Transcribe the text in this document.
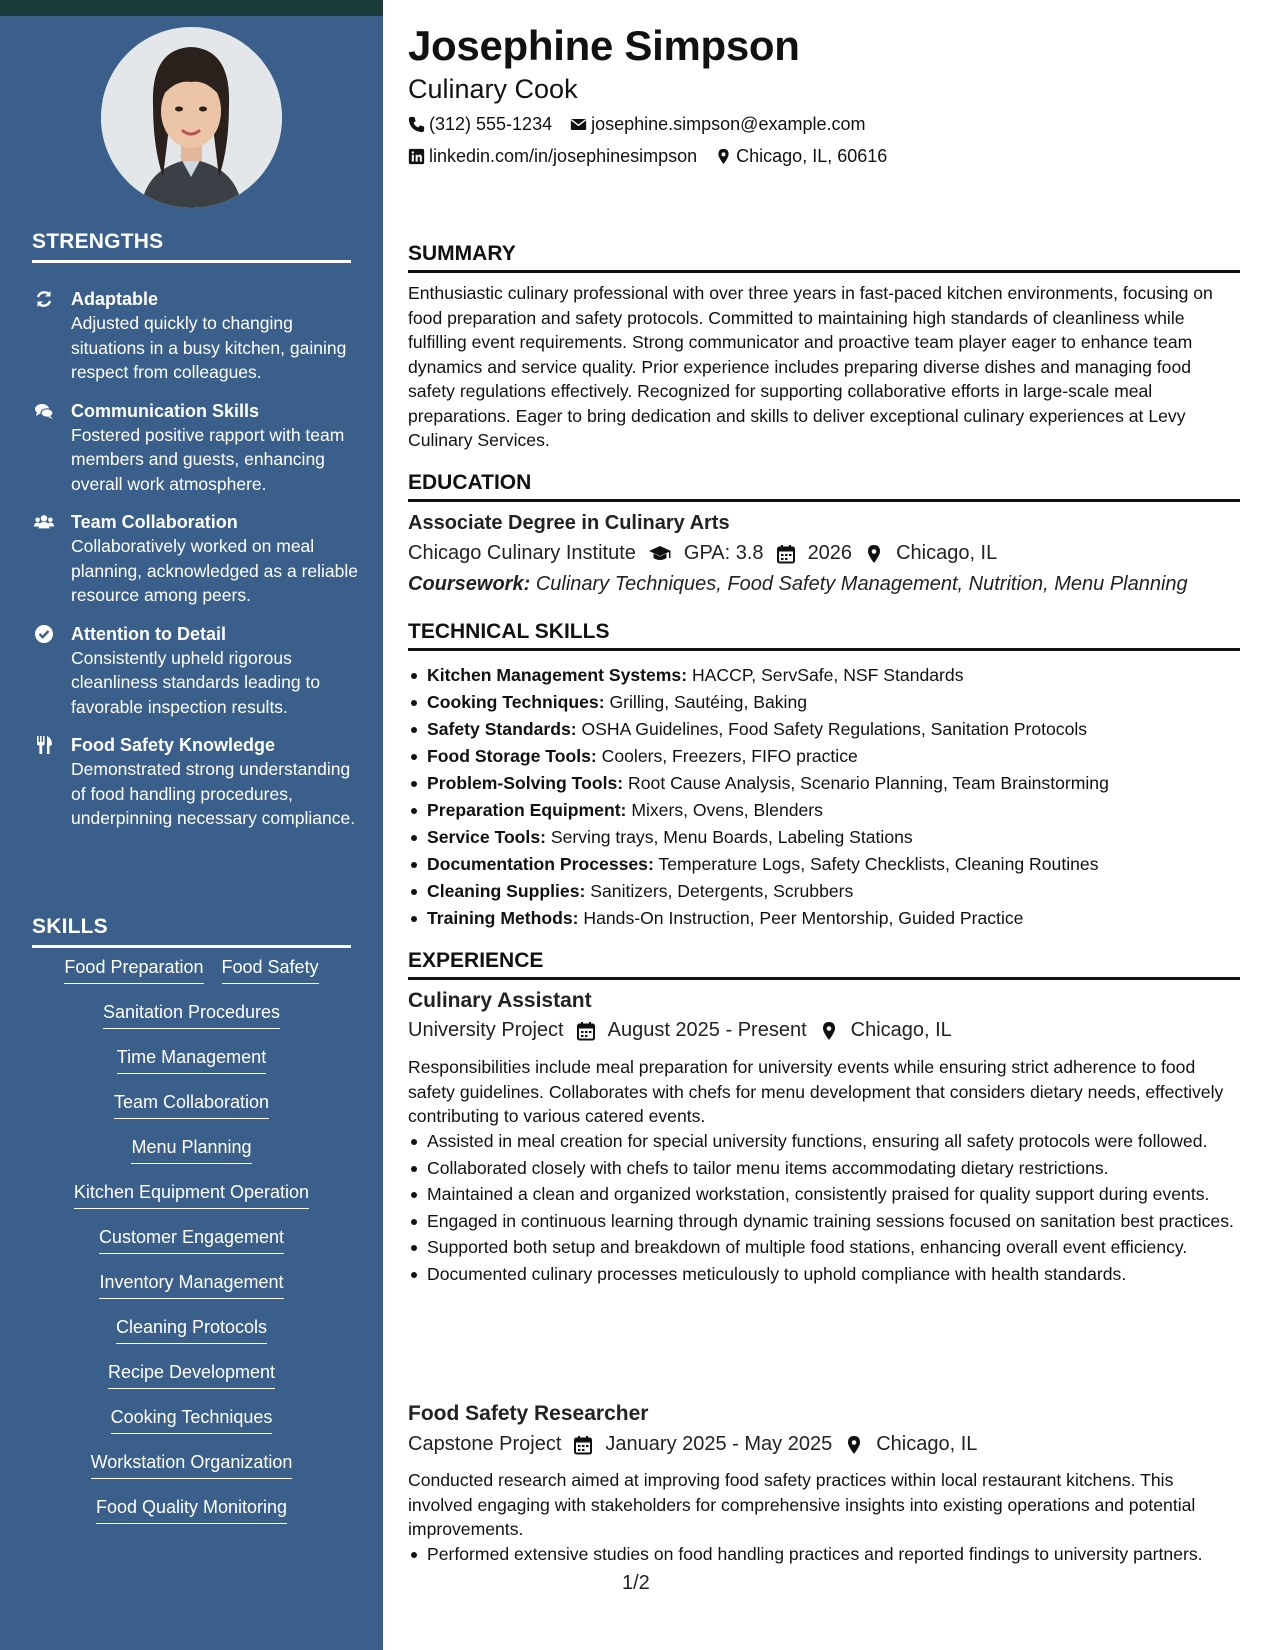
STRENGTHS
Adaptable
Adjusted quickly to changing situations in a busy kitchen, gaining respect from colleagues.
Communication Skills
Fostered positive rapport with team members and guests, enhancing overall work atmosphere.
Team Collaboration
Collaboratively worked on meal planning, acknowledged as a reliable resource among peers.
Attention to Detail
Consistently upheld rigorous cleanliness standards leading to favorable inspection results.
Food Safety Knowledge
Demonstrated strong understanding of food handling procedures, underpinning necessary compliance.
SKILLS
Food Preparation Food Safety
Sanitation Procedures
Time Management
Team Collaboration
Menu Planning
Kitchen Equipment Operation
Customer Engagement
Inventory Management
Cleaning Protocols
Recipe Development
Cooking Techniques
Workstation Organization
Food Quality Monitoring
Josephine Simpson
Culinary Cook
(312) 555-1234 josephine.simpson@example.com
linkedin.com/in/josephinesimpson Chicago, IL, 60616
SUMMARY
Enthusiastic culinary professional with over three years in fast-paced kitchen environments, focusing on food preparation and safety protocols. Committed to maintaining high standards of cleanliness while fulfilling event requirements. Strong communicator and proactive team player eager to enhance team dynamics and service quality. Prior experience includes preparing diverse dishes and managing food safety regulations effectively. Recognized for supporting collaborative efforts in large-scale meal preparations. Eager to bring dedication and skills to deliver exceptional culinary experiences at Levy Culinary Services.
EDUCATION
Associate Degree in Culinary Arts
Chicago Culinary Institute GPA: 3.8 2026 Chicago, IL
Coursework: Culinary Techniques, Food Safety Management, Nutrition, Menu Planning
TECHNICAL SKILLS
Kitchen Management Systems: HACCP, ServSafe, NSF Standards
Cooking Techniques: Grilling, Sautéing, Baking
Safety Standards: OSHA Guidelines, Food Safety Regulations, Sanitation Protocols
Food Storage Tools: Coolers, Freezers, FIFO practice
Problem-Solving Tools: Root Cause Analysis, Scenario Planning, Team Brainstorming
Preparation Equipment: Mixers, Ovens, Blenders
Service Tools: Serving trays, Menu Boards, Labeling Stations
Documentation Processes: Temperature Logs, Safety Checklists, Cleaning Routines
Cleaning Supplies: Sanitizers, Detergents, Scrubbers
Training Methods: Hands-On Instruction, Peer Mentorship, Guided Practice
EXPERIENCE
Culinary Assistant
University Project August 2025 - Present Chicago, IL
Responsibilities include meal preparation for university events while ensuring strict adherence to food safety guidelines. Collaborates with chefs for menu development that considers dietary needs, effectively contributing to various catered events.
Assisted in meal creation for special university functions, ensuring all safety protocols were followed.
Collaborated closely with chefs to tailor menu items accommodating dietary restrictions.
Maintained a clean and organized workstation, consistently praised for quality support during events.
Engaged in continuous learning through dynamic training sessions focused on sanitation best practices.
Supported both setup and breakdown of multiple food stations, enhancing overall event efficiency.
Documented culinary processes meticulously to uphold compliance with health standards.
Food Safety Researcher
Capstone Project January 2025 - May 2025 Chicago, IL
Conducted research aimed at improving food safety practices within local restaurant kitchens. This involved engaging with stakeholders for comprehensive insights into existing operations and potential improvements.
Performed extensive studies on food handling practices and reported findings to university partners.
1/2
